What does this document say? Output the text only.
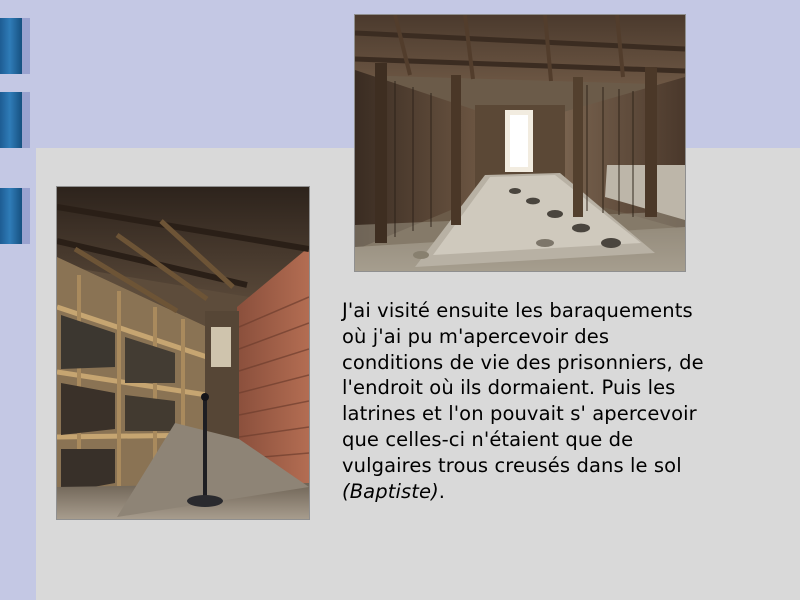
J'ai visité ensuite les baraquements où j'ai pu m'apercevoir des conditions de vie des prisonniers, de l'endroit où ils dormaient. Puis les latrines et l'on pouvait s' apercevoir que celles-ci n'étaient que de vulgaires trous creusés dans le sol (Baptiste).
